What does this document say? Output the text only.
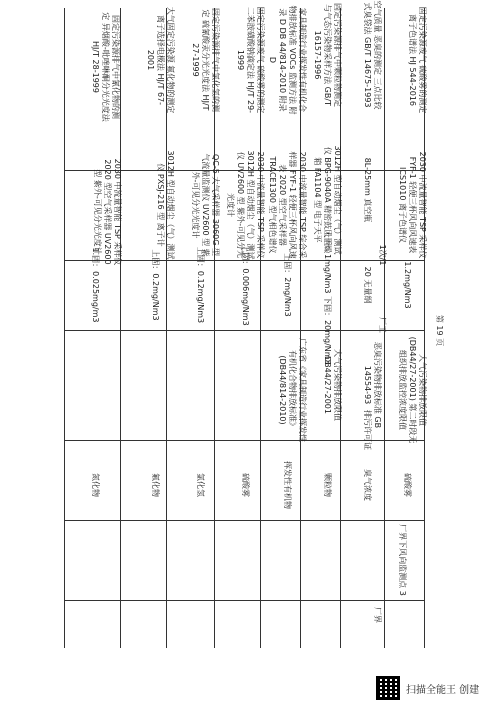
固定污染源排气中氰化物的测定 异烟酸-吡唑啉酮分光光度法 HJ/T 28-1999
2030 中流量智能 TSP 采样仪 2020 型空气采样器 UV2600 型 紫外-可见分光光度计
1.固：0.025mg/m3
氮化物
大气固定污染源 氟化物的测定 离子选择电极法 HJ/T 67-2001
3012H 型自动烟尘（气）测试仪 PXSJ-216 型 离子计
上固：0.2mg/Nm3
氟化物
固定污染源排气中氯化氢的测定 硫氰酸汞分光光度法 HJ/T 27-1999
QC-5 大气采样器 3060G 型气流量监测仪 UV2600 型 紫外-可见分光光度计
上固：0.12mg/Nm3
氯化氢
固定污染源废气 硫酸雾的测定 二苯胺磺酸钠滴定法 HJ/T 29-1999
2030 中流量智能 TSP 采样仪 3012H 型自动烟尘（气）测试仪 UV2600 型 紫外-可见分光光度计
上固：0.006mg/Nm3
硫酸雾
家具制造行业挥发性有机化合物排放标准 VOCs 监测方法 附录 D DB 44/814-2010 附录 D
2030 中流量智能 TSP 综合采样器 FYF-1 轻便三杯风向风速表 2020 型空气采样器 TRACE1300 型气相色谱仪
上固：2mg/Nm3
广东省《家具制造行业挥发性有机化合物排放标准》(DB44/814-2010)
挥发性有机物
固定污染源排气中颗粒物测定与气态污染物采样方法 GB/T 16157-1996
3012H 型自动烟尘（气）测试仪 BPG-9040A 精密鼓风干燥箱 FA1104 型 电子天平
上固：1mg/Nm3 下固：20mg/Nm3
大气污染物排放限值 DB44/27-2001
颗粒物
空气质量 恶臭的测定 三点比较式臭袋法 GB/T 14675-1993
8L-25mm 真空瓶
20 无量纲
恶臭污染物排放标准 GB 14554-93
臭气浓度
固定污染源废气 硫酸雾的测定 离子色谱法 HJ 544-2016
2030 中流量智能 TSP 采样仪 FYF-1 轻便三杯风向风速表 ICS1010 离子色谱仪
1次/1
1.2mg/Nm3
大气污染物排放限值 (DB44/27-2001) 第二时段无组织排放监控浓度限值
硫酸雾
厂界下风向监测点 3
厂界
排污许可证
厂工	第 19 页
扫描全能王 创建
